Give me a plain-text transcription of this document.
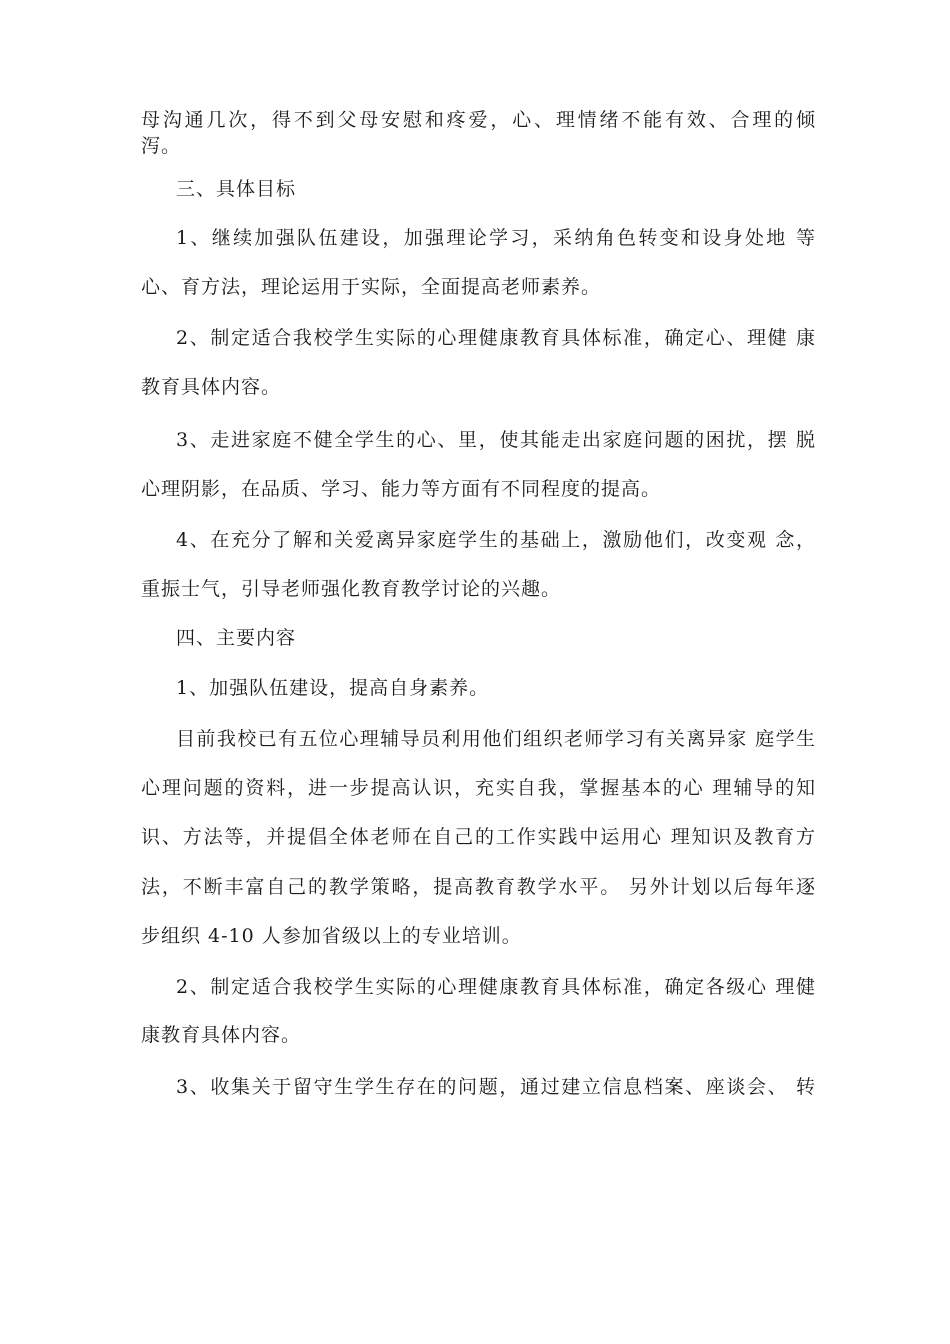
母沟通几次，得不到父母安慰和疼爱，心、理情绪不能有效、合理的倾
泻。
三、具体目标
1、继续加强队伍建设，加强理论学习，采纳角色转变和设身处地 等
心、育方法，理论运用于实际，全面提高老师素养。
2、制定适合我校学生实际的心理健康教育具体标准，确定心、理健 康
教育具体内容。
3、走进家庭不健全学生的心、里，使其能走出家庭问题的困扰，摆 脱
心理阴影，在品质、学习、能力等方面有不同程度的提高。
4、在充分了解和关爱离异家庭学生的基础上，激励他们，改变观 念，
重振士气，引导老师强化教育教学讨论的兴趣。
四、主要内容
1、加强队伍建设，提高自身素养。
目前我校已有五位心理辅导员利用他们组织老师学习有关离异家 庭学生
心理问题的资料，进一步提高认识，充实自我，掌握基本的心 理辅导的知
识、方法等，并提倡全体老师在自己的工作实践中运用心 理知识及教育方
法，不断丰富自己的教学策略，提高教育教学水平。 另外计划以后每年逐
步组织 4-10 人参加省级以上的专业培训。
2、制定适合我校学生实际的心理健康教育具体标准，确定各级心 理健
康教育具体内容。
3、收集关于留守生学生存在的问题，通过建立信息档案、座谈会、 转
